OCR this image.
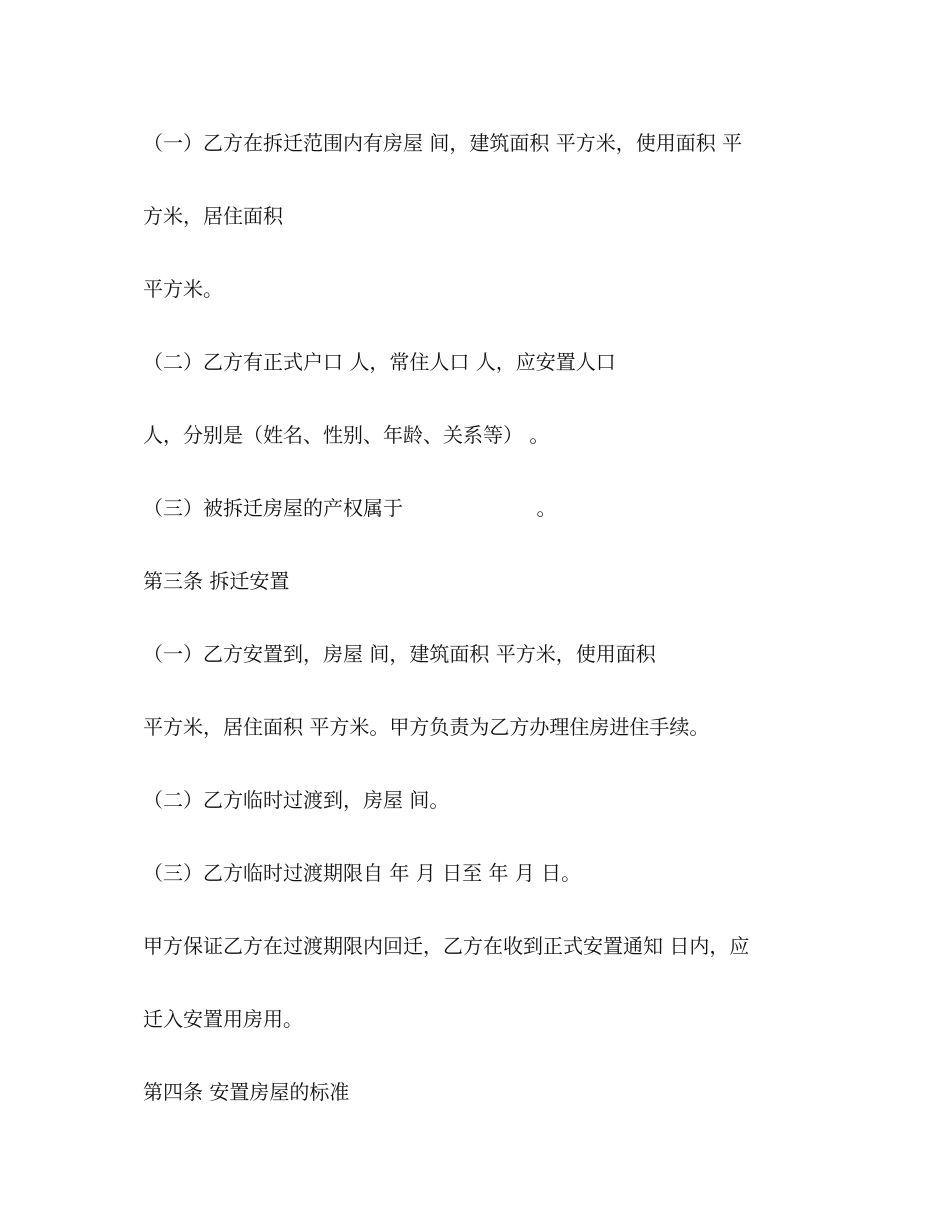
（一）乙方在拆迁范围内有房屋 间，建筑面积 平方米，使用面积 平
方米，居住面积
平方米。
（二）乙方有正式户口 人，常住人口 人，应安置人口
人，分别是（姓名、性别、年龄、关系等） 。
（三）被拆迁房屋的产权属于                     。
第三条 拆迁安置
（一）乙方安置到，房屋 间，建筑面积 平方米，使用面积
平方米，居住面积 平方米。甲方负责为乙方办理住房进住手续。
（二）乙方临时过渡到，房屋 间。
（三）乙方临时过渡期限自 年 月 日至 年 月 日。
甲方保证乙方在过渡期限内回迁，乙方在收到正式安置通知 日内，应
迁入安置用房用。
第四条 安置房屋的标准
